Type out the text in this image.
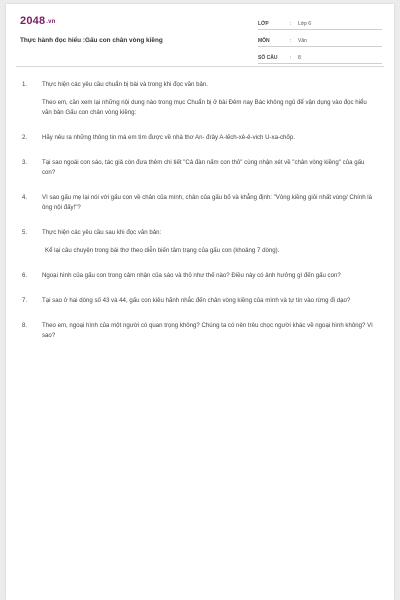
2048.vn
Thực hành đọc hiểu :Gấu con chân vòng kiềng
LỚP	:	Lớp 6
MÔN	:	Văn
SỐ CÂU	:	8
1.	Thực hiện các yêu cầu chuẩn bị bài và trong khi đọc văn bản.
Theo em, cần xem lại những nội dung nào trong mục Chuẩn bị ở bài Đêm nay Bác không ngủ để vận dụng vào đọc hiểu văn bản Gấu con chân vòng kiềng:
2.	Hãy nêu ra những thông tin mà em tìm được về nhà thơ An- đrây A-lếch-xê-ê-vich U-xa-chốp.
3.	Tại sao ngoài con sáo, tác giả còn đưa thêm chi tiết "Cả đàn nấm con thỏ" cùng nhận xét về "chân vòng kiềng" của gấu con?
4.	Vì sao gấu mẹ lại nói với gấu con về chân của mình, chân của gấu bố và khẳng định: "Vòng kiềng giỏi nhất vùng/ Chính là ông nội đấy!"?
5.	Thực hiện các yêu cầu sau khi đọc văn bản:
Kể lại câu chuyện trong bài thơ theo diễn biến tâm trạng của gấu con (khoảng 7 dòng).
6.	Ngoại hình của gấu con trong cảm nhận của sáo và thỏ như thế nào? Điều này có ảnh hưởng gì đến gấu con?
7.	Tại sao ở hai dòng số 43 và 44, gấu con kiêu hãnh nhắc đến chân vòng kiềng của mình và tự tin vào rừng đi dạo?
8.	Theo em, ngoại hình của một người có quan trọng không? Chúng ta có nên trêu chọc người khác về ngoại hình không? Vì sao?
